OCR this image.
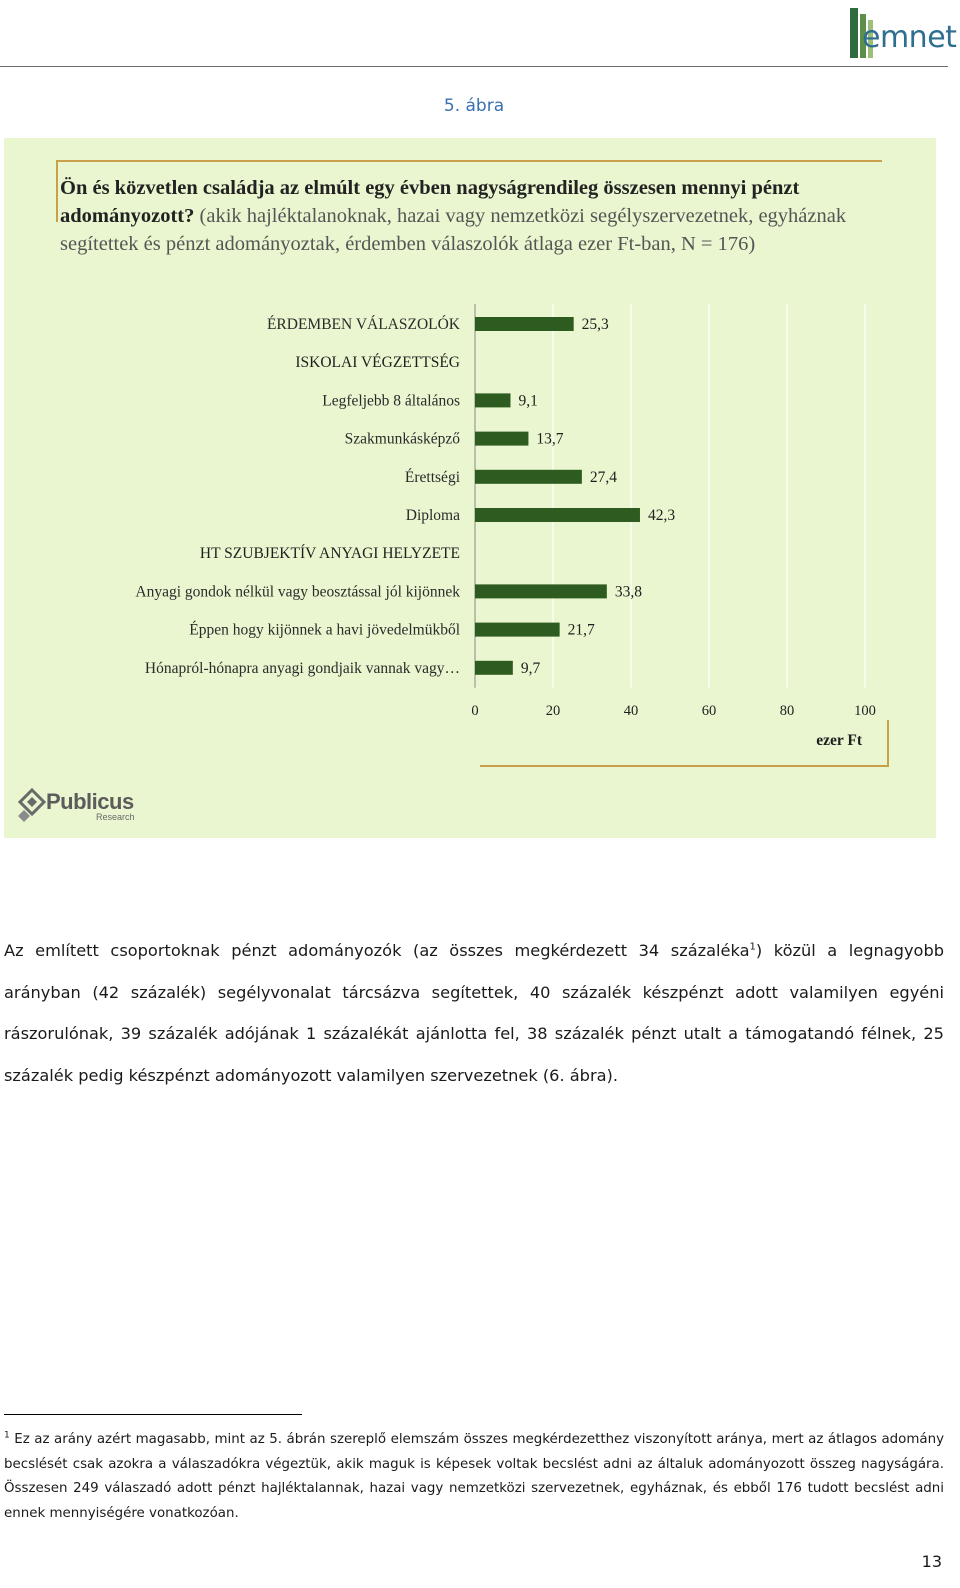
emnet
5. ábra
Ön és közvetlen családja az elmúlt egy évben nagyságrendileg összesen mennyi pénzt adományozott? (akik hajléktalanoknak, hazai vagy nemzetközi segélyszervezetnek, egyháznak segítettek és pénzt adományoztak, érdemben válaszolók átlaga ezer Ft-ban, N = 176)
ÉRDEMBEN VÁLASZOLÓK	25,3
ISKOLAI VÉGZETTSÉG
Legfeljebb 8 általános	9,1
Szakmunkásképző	13,7
Érettségi	27,4
Diploma	42,3
HT SZUBJEKTÍV ANYAGI HELYZETE
Anyagi gondok nélkül vagy beosztással jól kijönnek	33,8
Éppen hogy kijönnek a havi jövedelmükből	21,7
Hónapról-hónapra anyagi gondjaik vannak vagy…	9,7
0	20	40	60	80	100
ezer Ft
Publicus
Research
Az említett csoportoknak pénzt adományozók (az összes megkérdezett 34 százaléka$^1$) közül a legnagyobb arányban (42 százalék) segélyvonalat tárcsázva segítettek, 40 százalék készpénzt adott valamilyen egyéni rászorulónak, 39 százalék adójának 1 százalékát ajánlotta fel, 38 százalék pénzt utalt a támogatandó félnek, 25 százalék pedig készpénzt adományozott valamilyen szervezetnek (6. ábra).
$^1$ Ez az arány azért magasabb, mint az 5. ábrán szereplő elemszám összes megkérdezetthez viszonyított aránya, mert az átlagos adomány becslését csak azokra a válaszadókra végeztük, akik maguk is képesek voltak becslést adni az általuk adományozott összeg nagyságára. Összesen 249 válaszadó adott pénzt hajléktalannak, hazai vagy nemzetközi szervezetnek, egyháznak, és ebből 176 tudott becslést adni ennek mennyiségére vonatkozóan.
13
